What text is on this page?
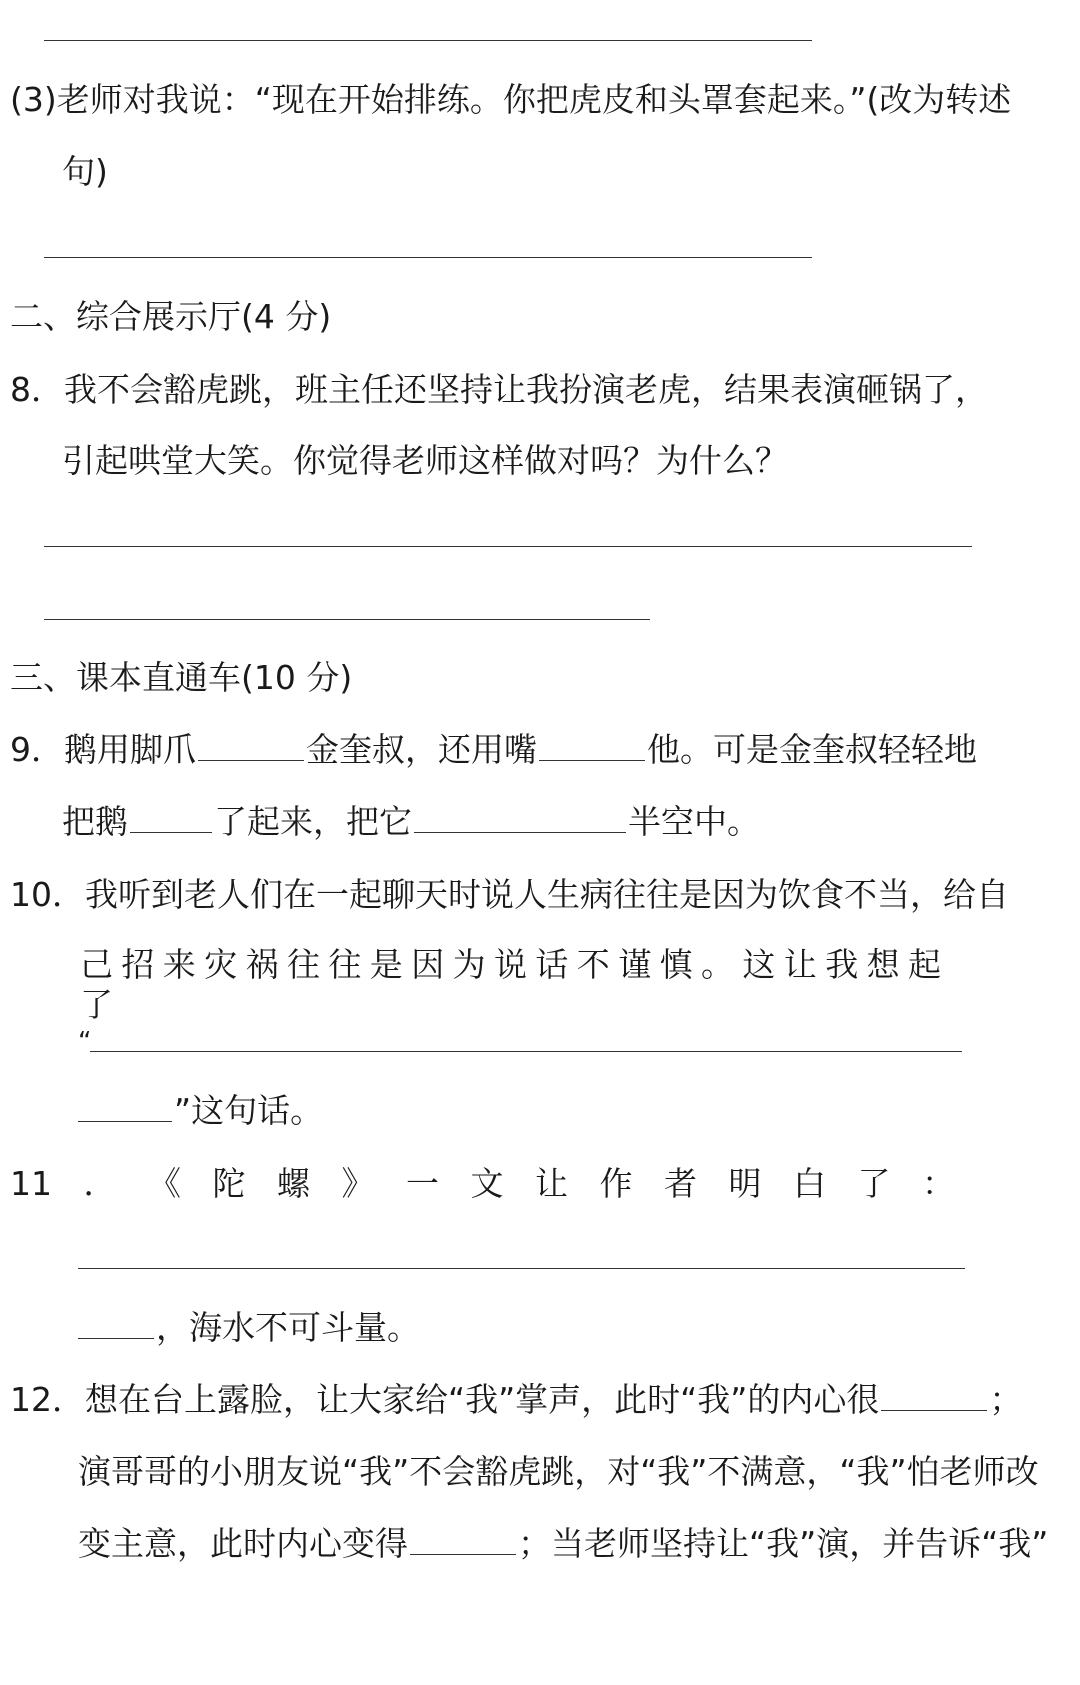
(3)老师对我说：“现在开始排练。你把虎皮和头罩套起来。”(改为转述
句)
二、综合展示厅(4 分)
8．我不会豁虎跳，班主任还坚持让我扮演老虎，结果表演砸锅了，
引起哄堂大笑。你觉得老师这样做对吗？为什么？
三、课本直通车(10 分)
9．鹅用脚爪	金奎叔，还用嘴	他。可是金奎叔轻轻地
把鹅	了起来，把它	半空中。
10．我听到老人们在一起聊天时说人生病往往是因为饮食不当，给自
己招来灾祸往往是因为说话不谨慎。这让我想起了
“
”这句话。
11 ． 《 陀 螺 》 一 文 让 作 者 明 白 了 ：
，海水不可斗量。
12．想在台上露脸，让大家给“我”掌声，此时“我”的内心很	；
演哥哥的小朋友说“我”不会豁虎跳，对“我”不满意，“我”怕老师改
变主意，此时内心变得	；当老师坚持让“我”演，并告诉“我”
